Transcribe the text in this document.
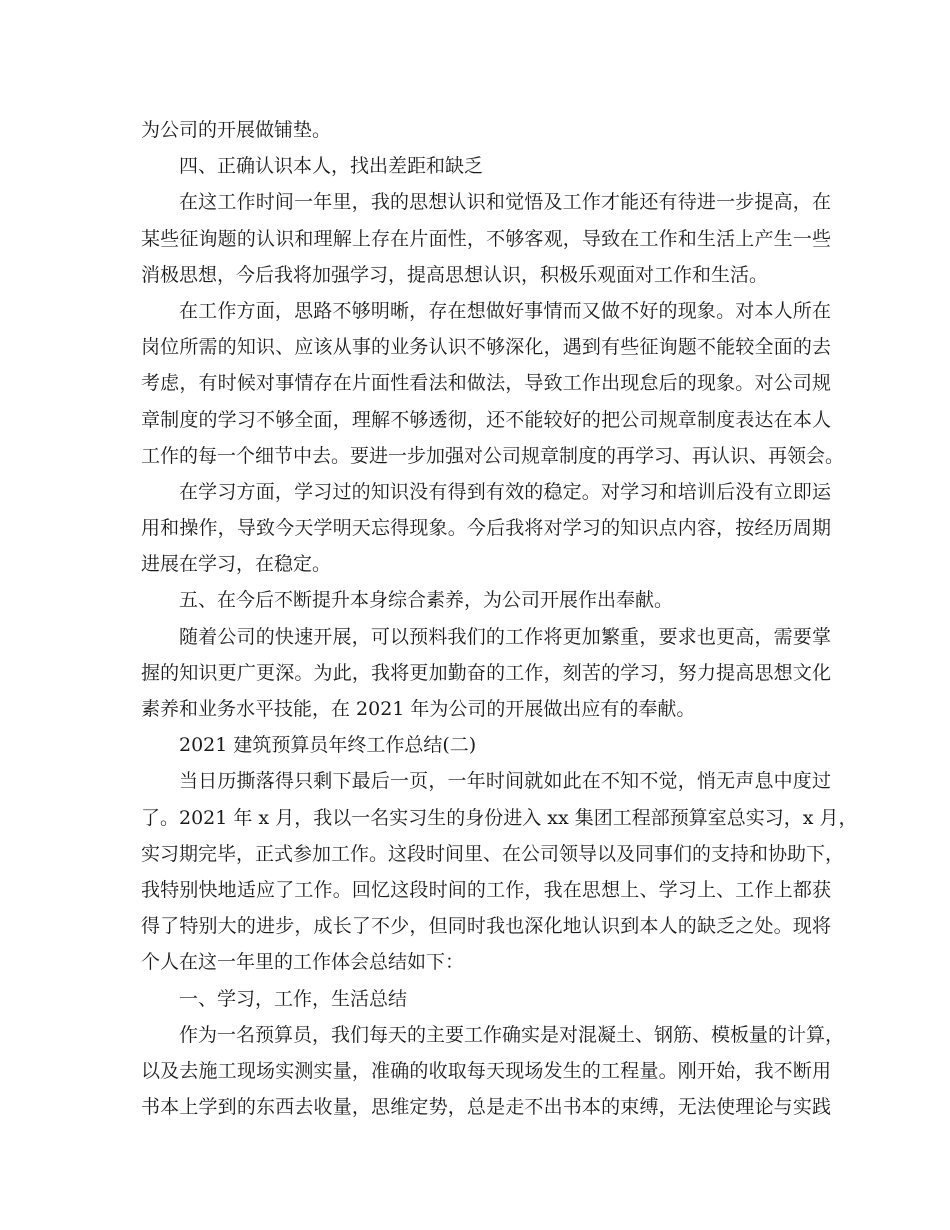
为公司的开展做铺垫。
四、正确认识本人，找出差距和缺乏
在这工作时间一年里，我的思想认识和觉悟及工作才能还有待进一步提高，在
某些征询题的认识和理解上存在片面性，不够客观，导致在工作和生活上产生一些
消极思想，今后我将加强学习，提高思想认识，积极乐观面对工作和生活。
在工作方面，思路不够明晰，存在想做好事情而又做不好的现象。对本人所在
岗位所需的知识、应该从事的业务认识不够深化，遇到有些征询题不能较全面的去
考虑，有时候对事情存在片面性看法和做法，导致工作出现怠后的现象。对公司规
章制度的学习不够全面，理解不够透彻，还不能较好的把公司规章制度表达在本人
工作的每一个细节中去。要进一步加强对公司规章制度的再学习、再认识、再领会。
在学习方面，学习过的知识没有得到有效的稳定。对学习和培训后没有立即运
用和操作，导致今天学明天忘得现象。今后我将对学习的知识点内容，按经历周期
进展在学习，在稳定。
五、在今后不断提升本身综合素养，为公司开展作出奉献。
随着公司的快速开展，可以预料我们的工作将更加繁重，要求也更高，需要掌
握的知识更广更深。为此，我将更加勤奋的工作，刻苦的学习，努力提高思想文化
素养和业务水平技能，在 2021 年为公司的开展做出应有的奉献。
2021 建筑预算员年终工作总结(二)
当日历撕落得只剩下最后一页，一年时间就如此在不知不觉，悄无声息中度过
了。2021 年 x 月，我以一名实习生的身份进入 xx 集团工程部预算室总实习，x 月，
实习期完毕，正式参加工作。这段时间里、在公司领导以及同事们的支持和协助下，
我特别快地适应了工作。回忆这段时间的工作，我在思想上、学习上、工作上都获
得了特别大的进步，成长了不少，但同时我也深化地认识到本人的缺乏之处。现将
个人在这一年里的工作体会总结如下：
一、学习，工作，生活总结
作为一名预算员，我们每天的主要工作确实是对混凝土、钢筋、模板量的计算，
以及去施工现场实测实量，准确的收取每天现场发生的工程量。刚开始，我不断用
书本上学到的东西去收量，思维定势，总是走不出书本的束缚，无法使理论与实践
